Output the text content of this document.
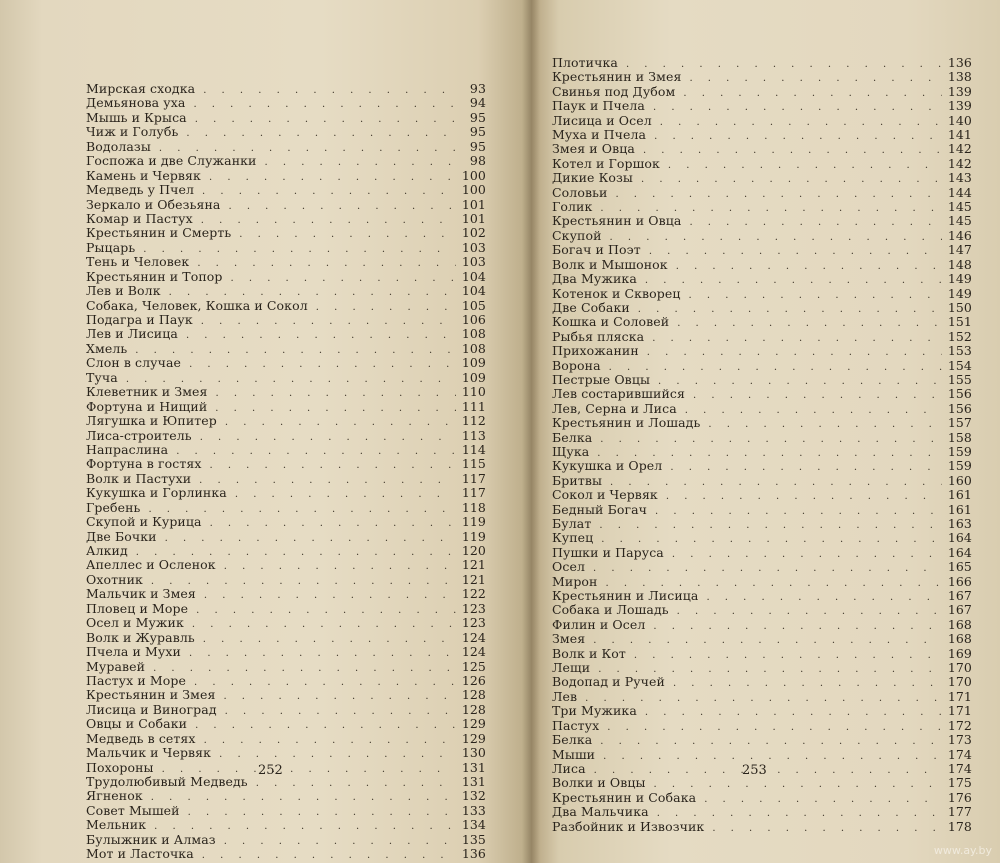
Мирская сходка . . .	93
Демьянова уха . . .	94
Мышь и Крыса . . .	95
Чиж и Голубь . . .	95
Водолазы . . .	95
Госпожа и две Служанки . . .	98
Камень и Червяк . . .	100
Медведь у Пчел . . .	100
Зеркало и Обезьяна . . .	101
Комар и Пастух . . .	101
Крестьянин и Смерть . . .	102
Рыцарь . . .	103
Тень и Человек . . .	103
Крестьянин и Топор . . .	104
Лев и Волк . . .	104
Собака, Человек, Кошка и Сокол . . .	105
Подагра и Паук . . .	106
Лев и Лисица . . .	108
Хмель . . .	108
Слон в случае . . .	109
Туча . . .	109
Клеветник и Змея . . .	110
Фортуна и Нищий . . .	111
Лягушка и Юпитер . . .	112
Лиса-строитель . . .	113
Напраслина . . .	114
Фортуна в гостях . . .	115
Волк и Пастухи . . .	117
Кукушка и Горлинка . . .	117
Гребень . . .	118
Скупой и Курица . . .	119
Две Бочки . . .	119
Алкид . . .	120
Апеллес и Осленок . . .	121
Охотник . . .	121
Мальчик и Змея . . .	122
Пловец и Море . . .	123
Осел и Мужик . . .	123
Волк и Журавль . . .	124
Пчела и Мухи . . .	124
Муравей . . .	125
Пастух и Море . . .	126
Крестьянин и Змея . . .	128
Лисица и Виноград . . .	128
Овцы и Собаки . . .	129
Медведь в сетях . . .	129
Мальчик и Червяк . . .	130
Похороны . . .	131
Трудолюбивый Медведь . . .	131
Ягненок . . .	132
Совет Мышей . . .	133
Мельник . . .	134
Булыжник и Алмаз . . .	135
Мот и Ласточка . . .	136
252
Плотичка . . .	136
Крестьянин и Змея . . .	138
Свинья под Дубом . . .	139
Паук и Пчела . . .	139
Лисица и Осел . . .	140
Муха и Пчела . . .	141
Змея и Овца . . .	142
Котел и Горшок . . .	142
Дикие Козы . . .	143
Соловьи . . .	144
Голик . . .	145
Крестьянин и Овца . . .	145
Скупой . . .	146
Богач и Поэт . . .	147
Волк и Мышонок . . .	148
Два Мужика . . .	149
Котенок и Скворец . . .	149
Две Собаки . . .	150
Кошка и Соловей . . .	151
Рыбья пляска . . .	152
Прихожанин . . .	153
Ворона . . .	154
Пестрые Овцы . . .	155
Лев состарившийся . . .	156
Лев, Серна и Лиса . . .	156
Крестьянин и Лошадь . . .	157
Белка . . .	158
Щука . . .	159
Кукушка и Орел . . .	159
Бритвы . . .	160
Сокол и Червяк . . .	161
Бедный Богач . . .	161
Булат . . .	163
Купец . . .	164
Пушки и Паруса . . .	164
Осел . . .	165
Мирон . . .	166
Крестьянин и Лисица . . .	167
Собака и Лошадь . . .	167
Филин и Осел . . .	168
Змея . . .	168
Волк и Кот . . .	169
Лещи . . .	170
Водопад и Ручей . . .	170
Лев . . .	171
Три Мужика . . .	171
Пастух . . .	172
Белка . . .	173
Мыши . . .	174
Лиса . . .	174
Волки и Овцы . . .	175
Крестьянин и Собака . . .	176
Два Мальчика . . .	177
Разбойник и Извозчик . . .	178
253
www.ay.by
